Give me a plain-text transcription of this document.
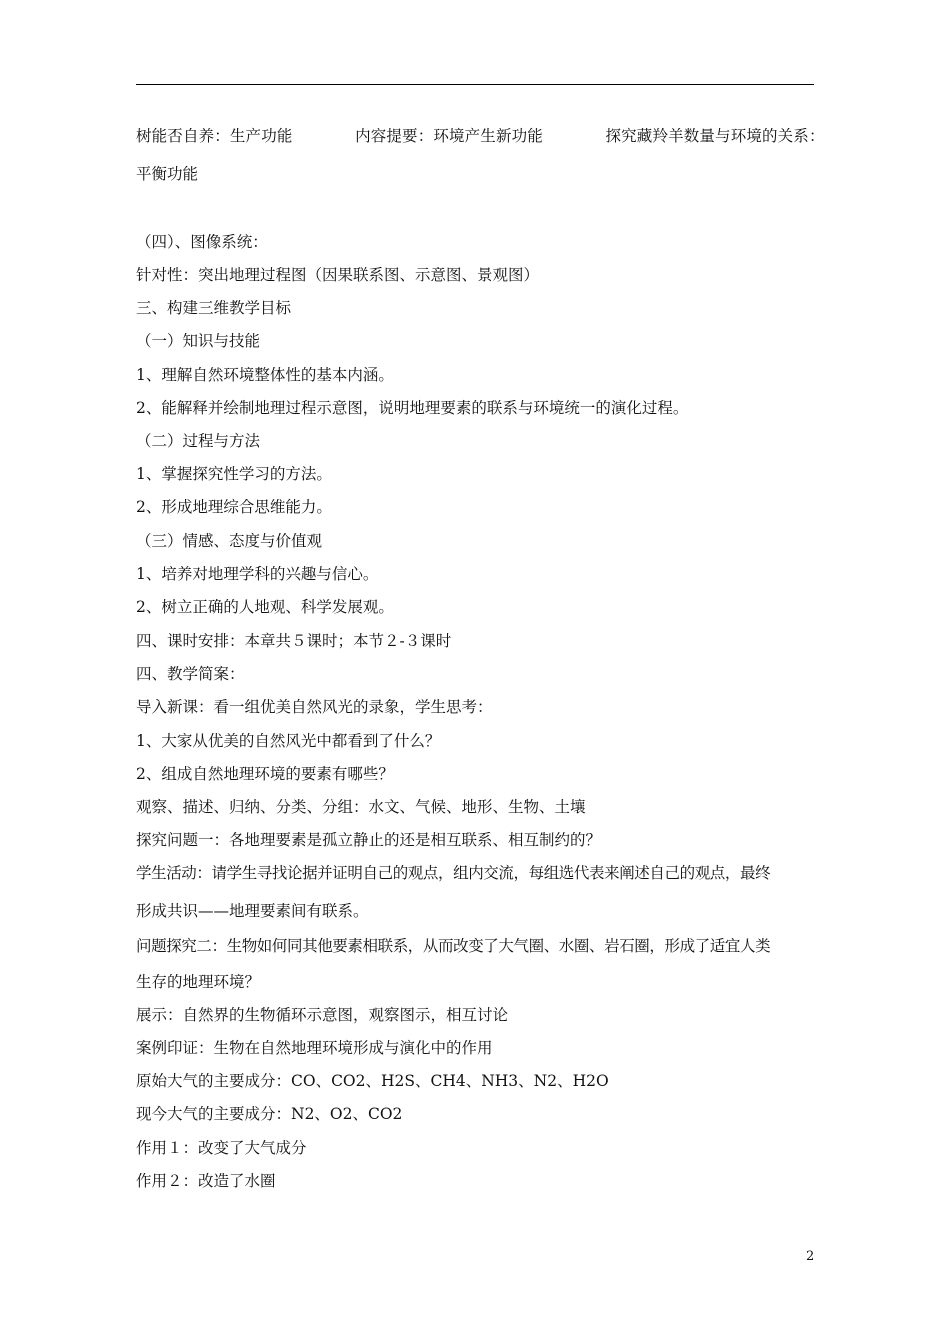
树能否自养：生产功能　　　　内容提要：环境产生新功能　　　　探究藏羚羊数量与环境的关系：
平衡功能
（四）、图像系统：
针对性：突出地理过程图（因果联系图、示意图、景观图）
三、构建三维教学目标
（一）知识与技能
1、理解自然环境整体性的基本内涵。
2、能解释并绘制地理过程示意图，说明地理要素的联系与环境统一的演化过程。
（二）过程与方法
1、掌握探究性学习的方法。
2、形成地理综合思维能力。
（三）情感、态度与价值观
1、培养对地理学科的兴趣与信心。
2、树立正确的人地观、科学发展观。
四、课时安排：本章共５课时；本节２-３课时
四、教学简案：
导入新课：看一组优美自然风光的录象，学生思考：
1、大家从优美的自然风光中都看到了什么？
2、组成自然地理环境的要素有哪些？
观察、描述、归纳、分类、分组：水文、气候、地形、生物、土壤
探究问题一：各地理要素是孤立静止的还是相互联系、相互制约的？
学生活动：请学生寻找论据并证明自己的观点，组内交流，每组选代表来阐述自己的观点，最终
形成共识——地理要素间有联系。
问题探究二：生物如何同其他要素相联系，从而改变了大气圈、水圈、岩石圈，形成了适宜人类
生存的地理环境？
展示：自然界的生物循环示意图，观察图示，相互讨论
案例印证：生物在自然地理环境形成与演化中的作用
原始大气的主要成分：CO、CO2、H2S、CH4、NH3、N2、H2O
现今大气的主要成分：N2、O2、CO2
作用１：改变了大气成分
作用２：改造了水圈
2
